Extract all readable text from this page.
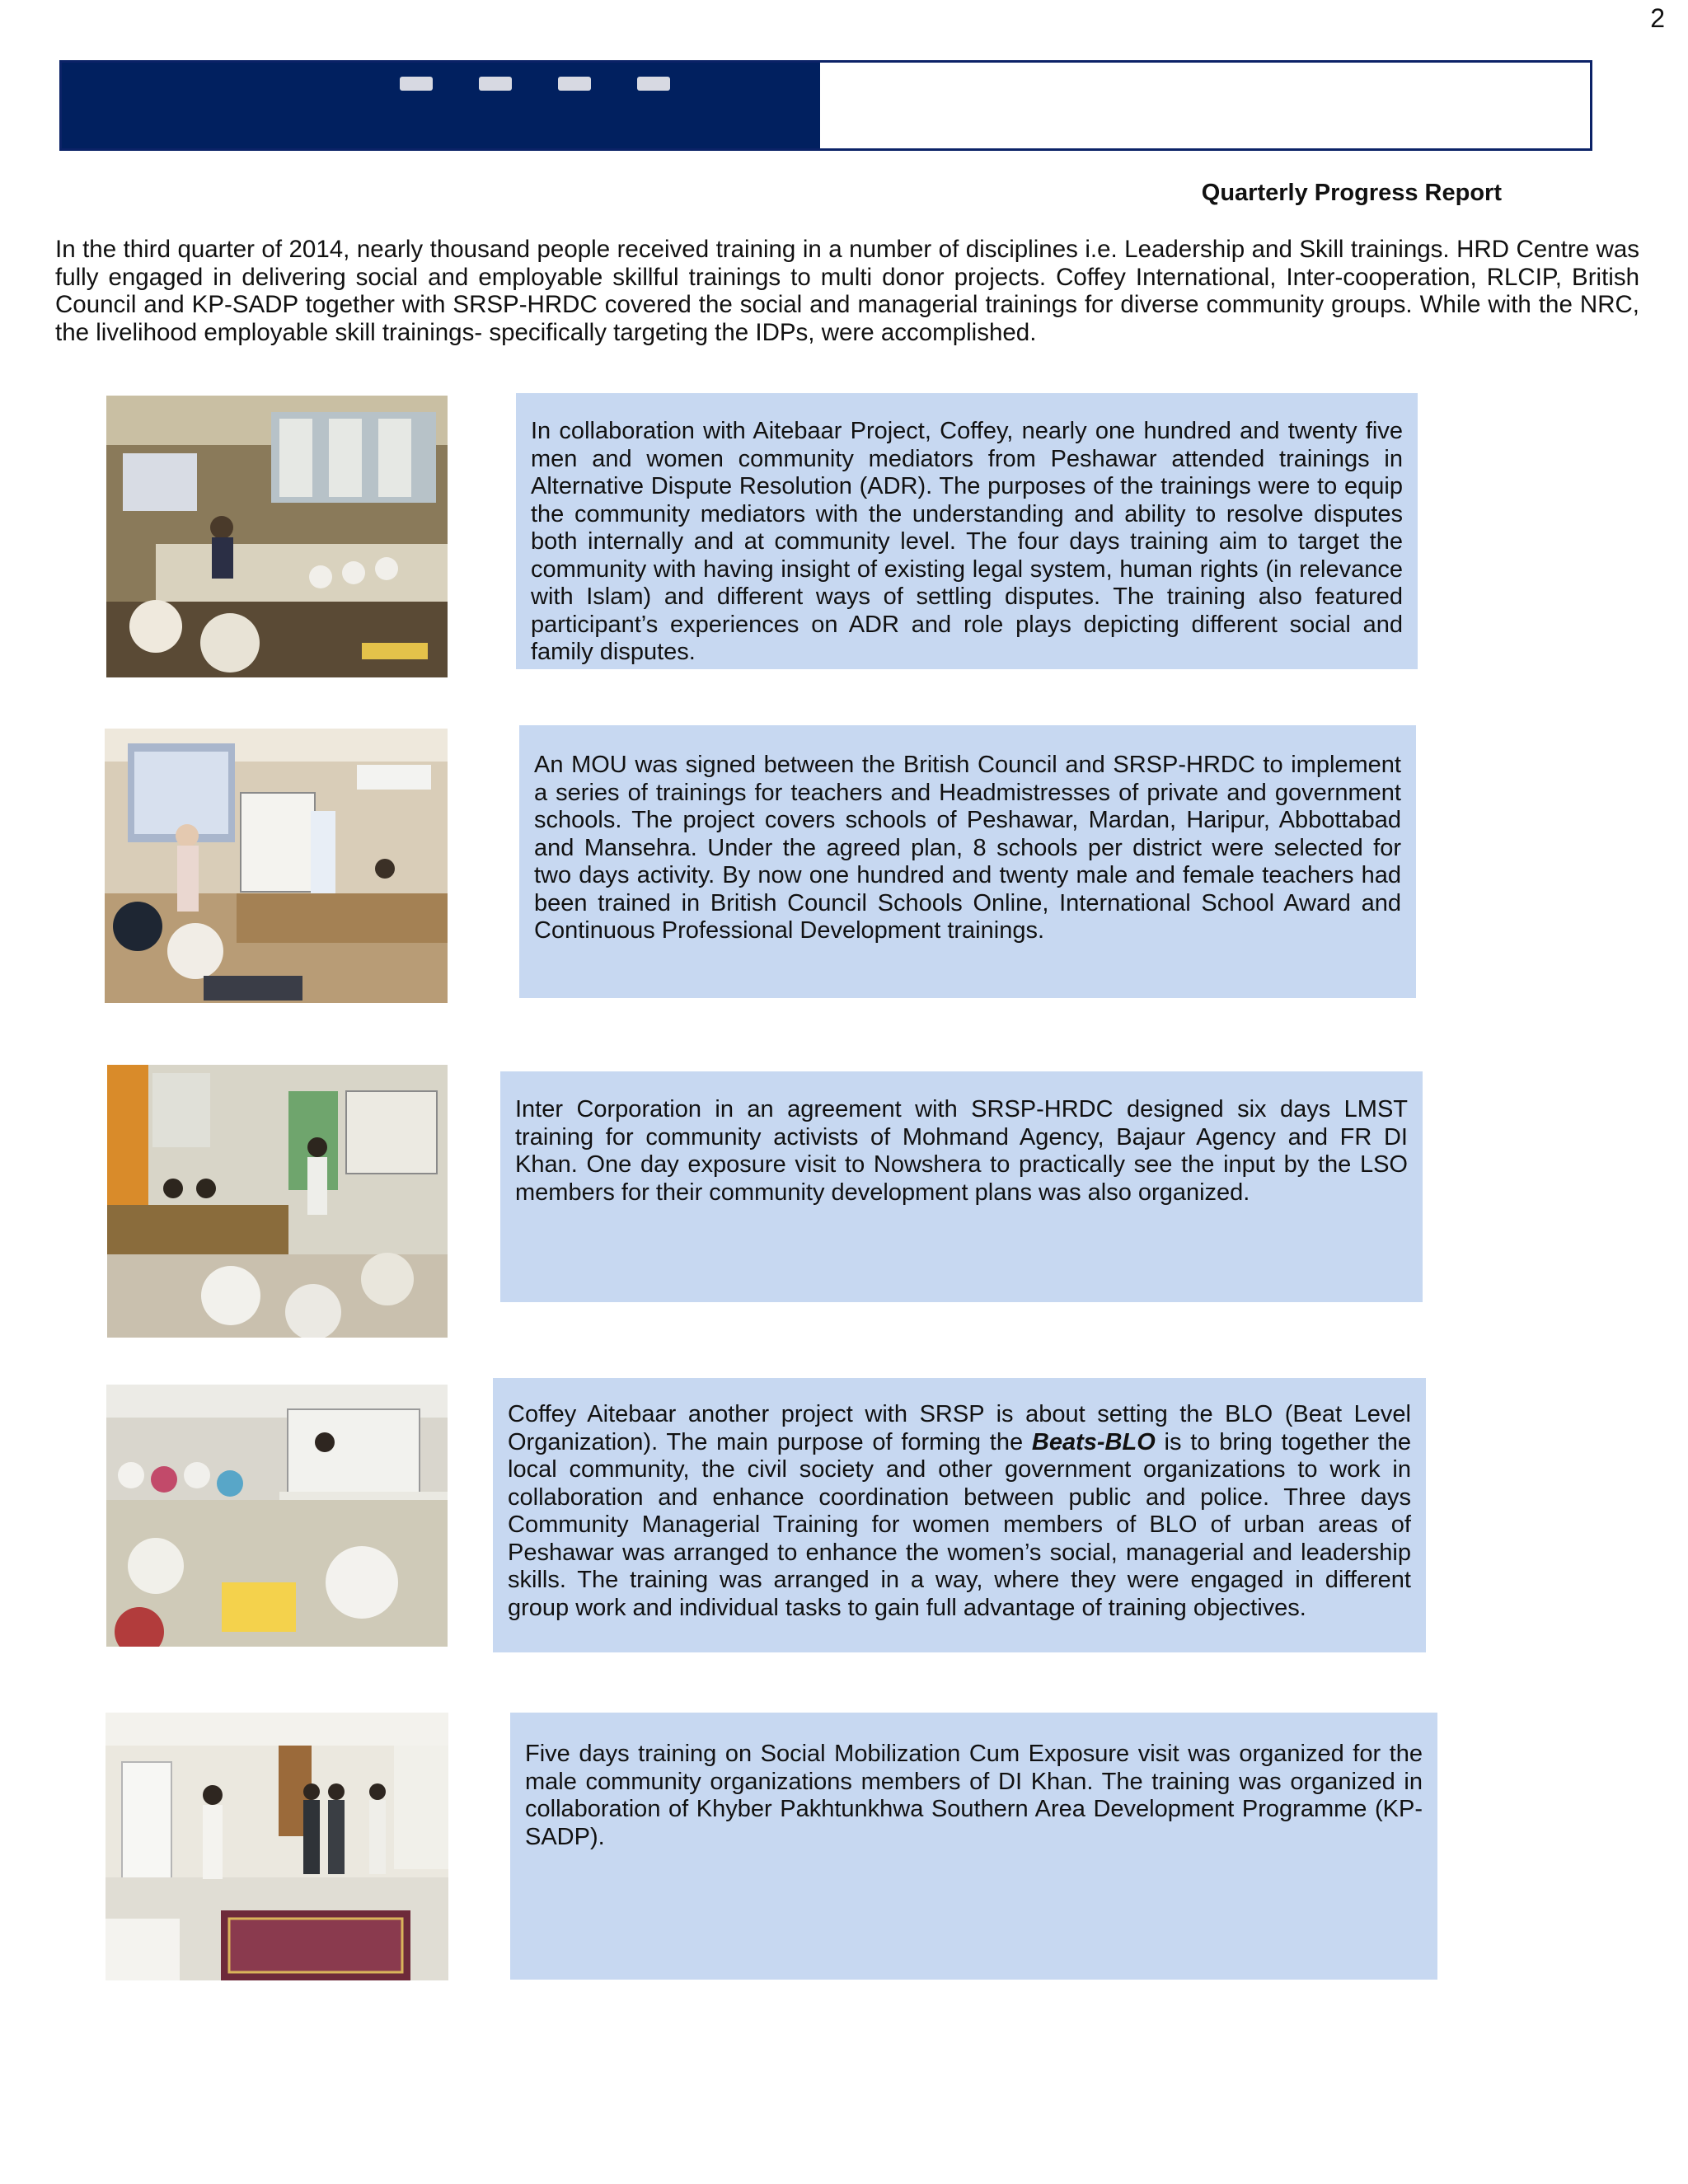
2
Quarterly Progress Report

In the third quarter of 2014, nearly thousand people received training in a number of disciplines i.e. Leadership and Skill trainings. HRD Centre was fully engaged in delivering social and employable skillful trainings to multi donor projects. Coffey International, Inter-cooperation, RLCIP, British Council and KP-SADP together with SRSP-HRDC covered the social and managerial trainings for diverse community groups. While with the NRC, the livelihood employable skill trainings- specifically targeting the IDPs, were accomplished.

In collaboration with Aitebaar Project, Coffey, nearly one hundred and twenty five men and women community mediators from Peshawar attended trainings in Alternative Dispute Resolution (ADR). The purposes of the trainings were to equip the community mediators with the understanding and ability to resolve disputes both internally and at community level. The four days training aim to target the community with having insight of existing legal system, human rights (in relevance with Islam) and different ways of settling disputes. The training also featured participant’s experiences on ADR and role plays depicting different social and family disputes.

An MOU was signed between the British Council and SRSP-HRDC to implement a series of trainings for teachers and Headmistresses of private and government schools. The project covers schools of Peshawar, Mardan, Haripur, Abbottabad and Mansehra. Under the agreed plan, 8 schools per district were selected for two days activity. By now one hundred and twenty male and female teachers had been trained in British Council Schools Online, International School Award and Continuous Professional Development trainings.

Inter Corporation in an agreement with SRSP-HRDC designed six days LMST training for community activists of Mohmand Agency, Bajaur Agency and FR DI Khan. One day exposure visit to Nowshera to practically see the input by the LSO members for their community development plans was also organized.

Coffey Aitebaar another project with SRSP is about setting the BLO (Beat Level Organization). The main purpose of forming the Beats-BLO is to bring together the local community, the civil society and other government organizations to work in collaboration and enhance coordination between public and police. Three days Community Managerial Training for women members of BLO of urban areas of Peshawar was arranged to enhance the women’s social, managerial and leadership skills. The training was arranged in a way, where they were engaged in different group work and individual tasks to gain full advantage of training objectives.

Five days training on Social Mobilization Cum Exposure visit was organized for the male community organizations members of DI Khan. The training was organized in collaboration of Khyber Pakhtunkhwa Southern Area Development Programme (KP-SADP).
